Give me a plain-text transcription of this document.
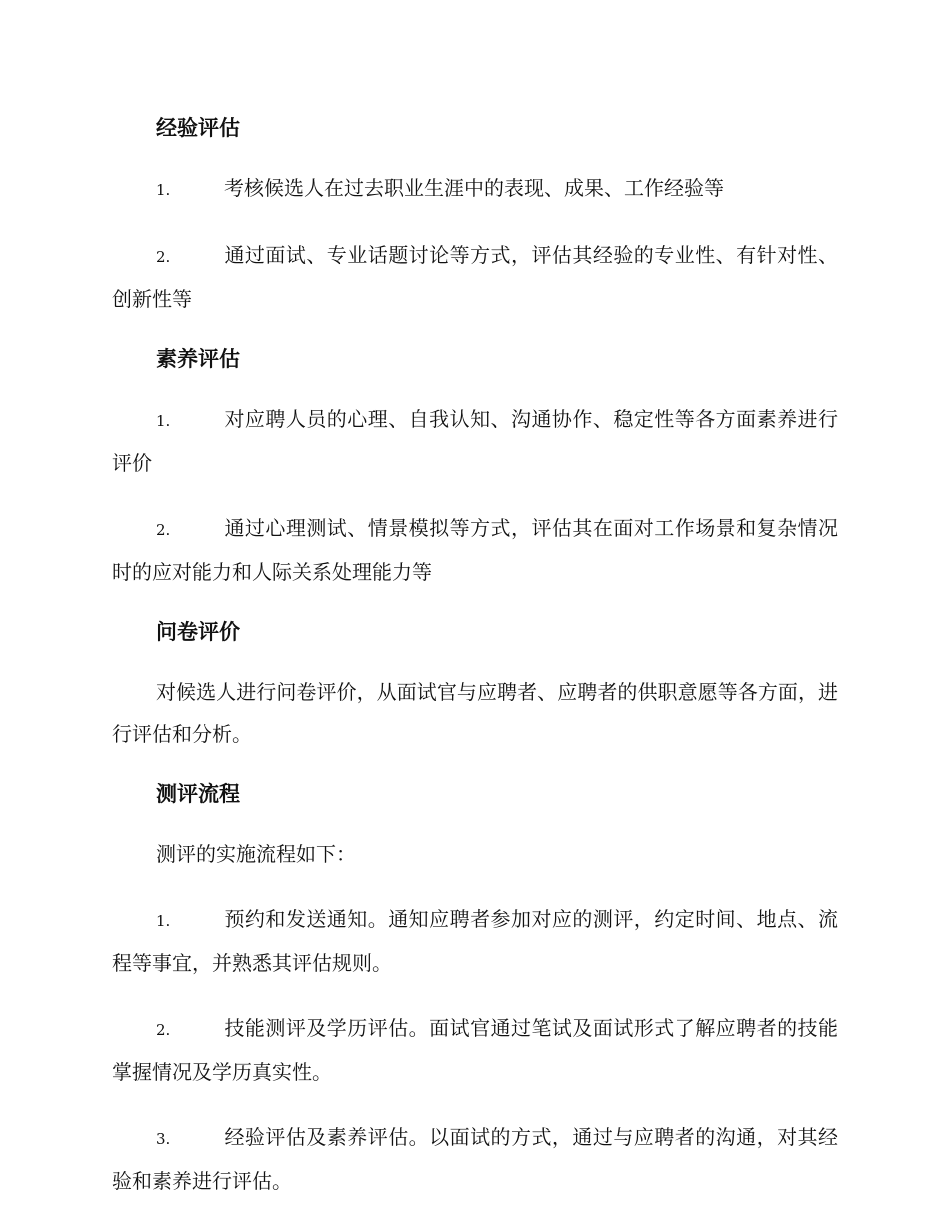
经验评估

1.	考核候选人在过去职业生涯中的表现、成果、工作经验等

2.	通过面试、专业话题讨论等方式，评估其经验的专业性、有针对性、创新性等

素养评估

1.	对应聘人员的心理、自我认知、沟通协作、稳定性等各方面素养进行评价

2.	通过心理测试、情景模拟等方式，评估其在面对工作场景和复杂情况时的应对能力和人际关系处理能力等

问卷评价

对候选人进行问卷评价，从面试官与应聘者、应聘者的供职意愿等各方面，进行评估和分析。

测评流程

测评的实施流程如下：

1.	预约和发送通知。通知应聘者参加对应的测评，约定时间、地点、流程等事宜，并熟悉其评估规则。

2.	技能测评及学历评估。面试官通过笔试及面试形式了解应聘者的技能掌握情况及学历真实性。

3.	经验评估及素养评估。以面试的方式，通过与应聘者的沟通，对其经验和素养进行评估。
